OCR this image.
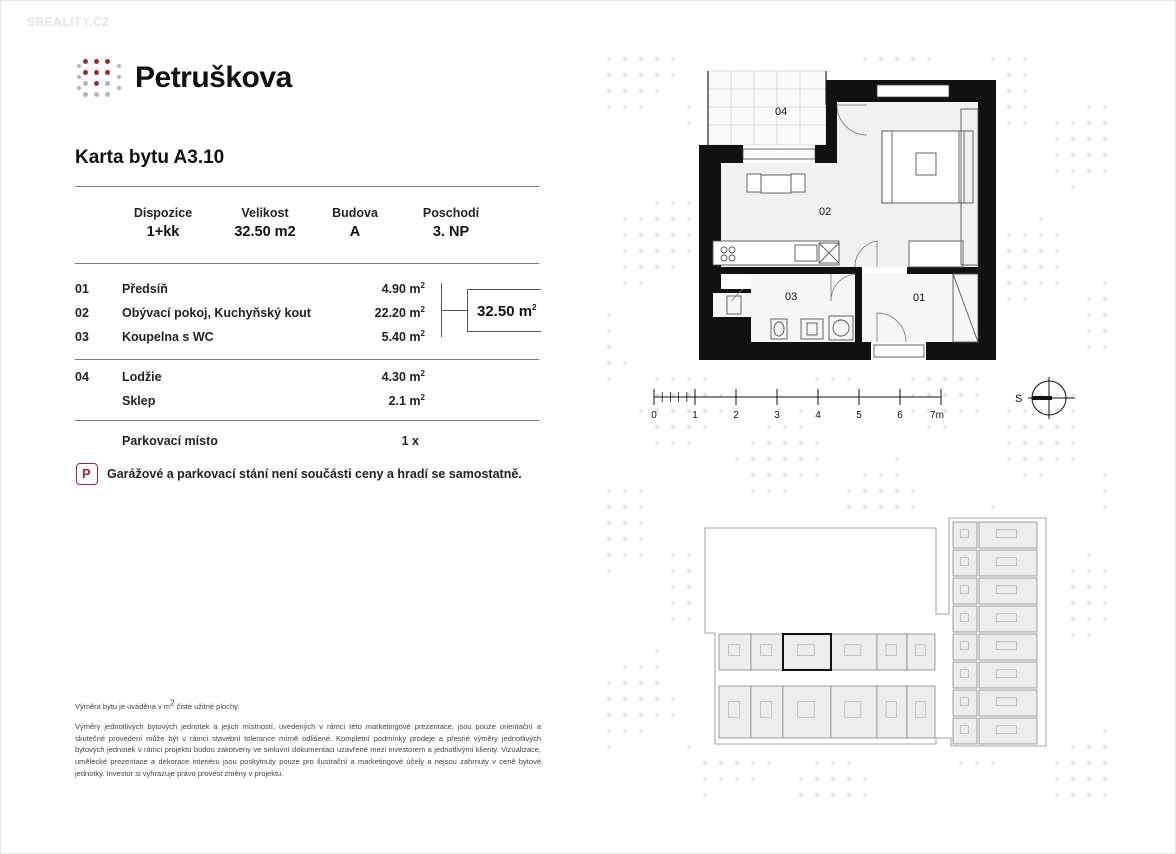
SREALITY.CZ
Petruškova
Karta bytu A3.10
Dispozice
1+kk
Velikost
32.50 m2
Budova
A
Poschodí
3. NP
01	Předsíň	4.90 $m^2$
02	Obývací pokoj, Kuchyňský kout	22.20 $m^2$
03	Koupelna s WC	5.40 $m^2$
32.50 $m^2$
04	Lodžie	4.30 $m^2$
Sklep	2.1 $m^2$
Parkovací místo	1 x
P
Garážové a parkovací stání není součásti ceny a hradí se samostatně.
Výměra bytu je uváděna v $m^2$ čisté užitné plochy.
Výměry jednotlivých bytových jednotek a jejich místností, uvedených v rámci této marketingové prezentace, jsou pouze orientační a skutečné provedení může být v rámci stavební tolerance mírně odlišené. Kompletní podmínky prodeje a přesné výměry jednotlivých bytových jednotek v rámci projektu budou zakotveny ve smluvní dokumentaci uzavřené mezi investorem a jednotlivými klienty. Vizualizace, umělecké prezentace a dekorace interiéru jsou poskytnuty pouze pro ilustrační a marketingové účely a nejsou zahrnuty v ceně bytové jednotky. Investor si vyhrazuje právo provést změny v projektu.
04
02
03	01
0	1	2	3	4	5	6	7m
S
